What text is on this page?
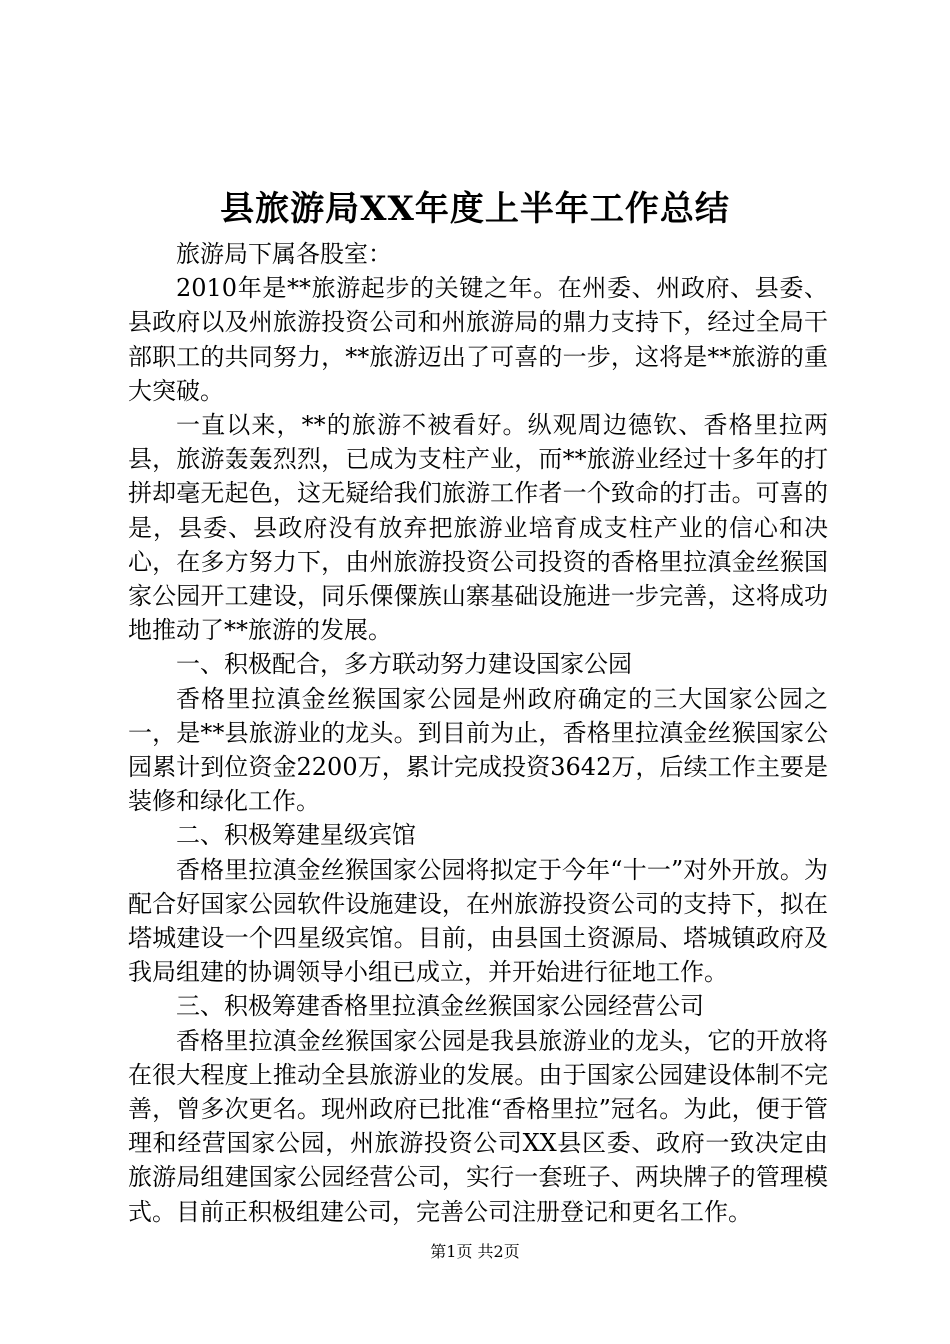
县旅游局XX年度上半年工作总结

旅游局下属各股室：

2010年是**旅游起步的关键之年。在州委、州政府、县委、县政府以及州旅游投资公司和州旅游局的鼎力支持下，经过全局干部职工的共同努力，**旅游迈出了可喜的一步，这将是**旅游的重大突破。

一直以来，**的旅游不被看好。纵观周边德钦、香格里拉两县，旅游轰轰烈烈，已成为支柱产业，而**旅游业经过十多年的打拼却毫无起色，这无疑给我们旅游工作者一个致命的打击。可喜的是，县委、县政府没有放弃把旅游业培育成支柱产业的信心和决心，在多方努力下，由州旅游投资公司投资的香格里拉滇金丝猴国家公园开工建设，同乐傈僳族山寨基础设施进一步完善，这将成功地推动了**旅游的发展。

一、积极配合，多方联动努力建设国家公园

香格里拉滇金丝猴国家公园是州政府确定的三大国家公园之一，是**县旅游业的龙头。到目前为止，香格里拉滇金丝猴国家公园累计到位资金2200万，累计完成投资3642万，后续工作主要是装修和绿化工作。

二、积极筹建星级宾馆

香格里拉滇金丝猴国家公园将拟定于今年“十一”对外开放。为配合好国家公园软件设施建设，在州旅游投资公司的支持下，拟在塔城建设一个四星级宾馆。目前，由县国土资源局、塔城镇政府及我局组建的协调领导小组已成立，并开始进行征地工作。

三、积极筹建香格里拉滇金丝猴国家公园经营公司

香格里拉滇金丝猴国家公园是我县旅游业的龙头，它的开放将在很大程度上推动全县旅游业的发展。由于国家公园建设体制不完善，曾多次更名。现州政府已批准“香格里拉”冠名。为此，便于管理和经营国家公园，州旅游投资公司XX县区委、政府一致决定由旅游局组建国家公园经营公司，实行一套班子、两块牌子的管理模式。目前正积极组建公司，完善公司注册登记和更名工作。

第1页 共2页
